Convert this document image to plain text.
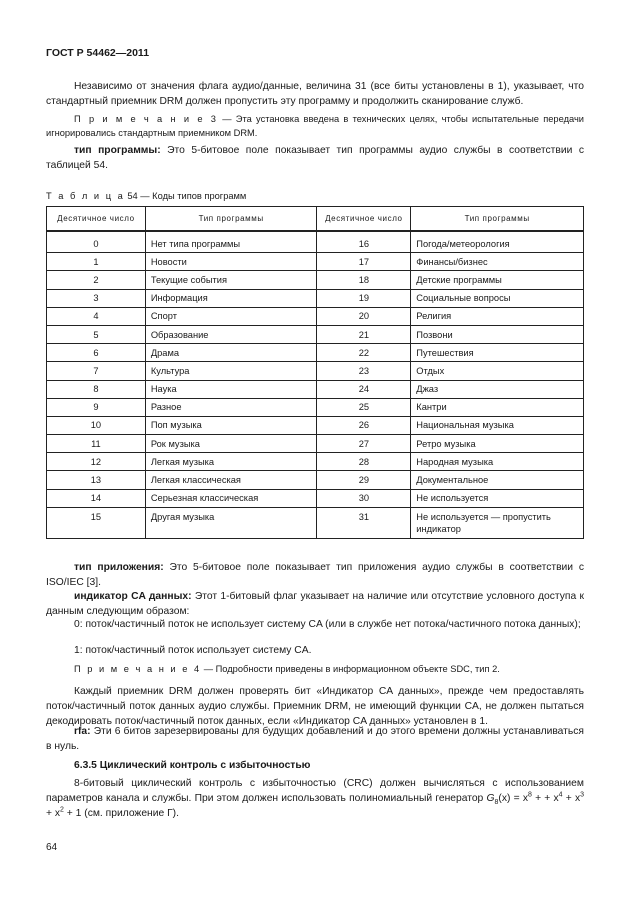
ГОСТ Р 54462—2011

Независимо от значения флага аудио/данные, величина 31 (все биты установлены в 1), указывает, что стандартный приемник DRM должен пропустить эту программу и продолжить сканирование служб.

П р и м е ч а н и е 3 — Эта установка введена в технических целях, чтобы испытательные передачи игнорировались стандартным приемником DRM.

тип программы: Это 5-битовое поле показывает тип программы аудио службы в соответствии с таблицей 54.

Т а б л и ц а 54 — Коды типов программ
Десятичное число	Тип программы	Десятичное число	Тип программы
0	Нет типа программы	16	Погода/метеорология
1	Новости	17	Финансы/бизнес
2	Текущие события	18	Детские программы
3	Информация	19	Социальные вопросы
4	Спорт	20	Религия
5	Образование	21	Позвони
6	Драма	22	Путешествия
7	Культура	23	Отдых
8	Наука	24	Джаз
9	Разное	25	Кантри
10	Поп музыка	26	Национальная музыка
11	Рок музыка	27	Ретро музыка
12	Легкая музыка	28	Народная музыка
13	Легкая классическая	29	Документальное
14	Серьезная классическая	30	Не используется
15	Другая музыка	31	Не используется — пропустить индикатор

тип приложения: Это 5-битовое поле показывает тип приложения аудио службы в соответствии с ISO/IEC [3].

индикатор CA данных: Этот 1-битовый флаг указывает на наличие или отсутствие условного доступа к данным следующим образом:

0: поток/частичный поток не использует систему CA (или в службе нет потока/частичного потока данных);

1: поток/частичный поток использует систему CA.

П р и м е ч а н и е 4 — Подробности приведены в информационном объекте SDC, тип 2.

Каждый приемник DRM должен проверять бит «Индикатор CA данных», прежде чем предоставлять поток/частичный поток данных аудио службы. Приемник DRM, не имеющий функции CA, не должен пытаться декодировать поток/частичный поток данных, если «Индикатор CA данных» установлен в 1.

rfa: Эти 6 битов зарезервированы для будущих добавлений и до этого времени должны устанавливаться в нуль.

6.3.5 Циклический контроль с избыточностью

8-битовый циклический контроль с избыточностью (CRC) должен вычисляться с использованием параметров канала и службы. При этом должен использовать полиномиальный генератор $G_8(x) = x^8$ + + $x^4 + x^3 + x^2 + 1$ (см. приложение Г).

64
